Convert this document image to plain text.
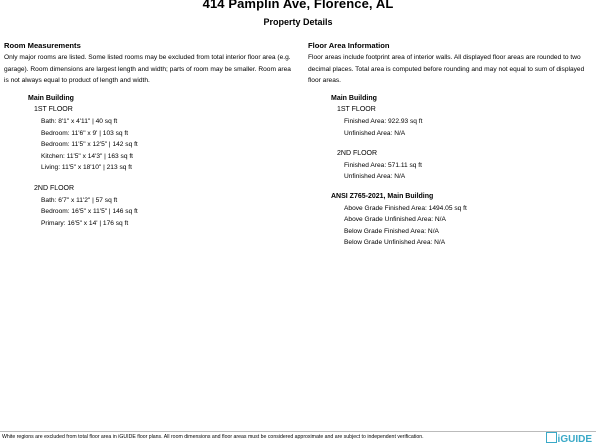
414 Pamplin Ave, Florence, AL
Property Details
Room Measurements
Only major rooms are listed. Some listed rooms may be excluded from total interior floor area (e.g. garage). Room dimensions are largest length and width; parts of room may be smaller. Room area is not always equal to product of length and width.
Main Building
1ST FLOOR
Bath: 8'1" x 4'11" | 40 sq ft
Bedroom: 11'6" x 9' | 103 sq ft
Bedroom: 11'5" x 12'5" | 142 sq ft
Kitchen: 11'5" x 14'3" | 163 sq ft
Living: 11'5" x 18'10" | 213 sq ft
2ND FLOOR
Bath: 6'7" x 11'2" | 57 sq ft
Bedroom: 16'5" x 11'5" | 146 sq ft
Primary: 16'5" x 14' | 176 sq ft
Floor Area Information
Floor areas include footprint area of interior walls. All displayed floor areas are rounded to two decimal places. Total area is computed before rounding and may not equal to sum of displayed floor areas.
Main Building
1ST FLOOR
Finished Area: 922.93 sq ft
Unfinished Area: N/A
2ND FLOOR
Finished Area: 571.11 sq ft
Unfinished Area: N/A
ANSI Z765-2021, Main Building
Above Grade Finished Area: 1494.05 sq ft
Above Grade Unfinished Area: N/A
Below Grade Finished Area: N/A
Below Grade Unfinished Area: N/A
White regions are excluded from total floor area in iGUIDE floor plans. All room dimensions and floor areas must be considered approximate and are subject to independent verification.	iGUIDE
